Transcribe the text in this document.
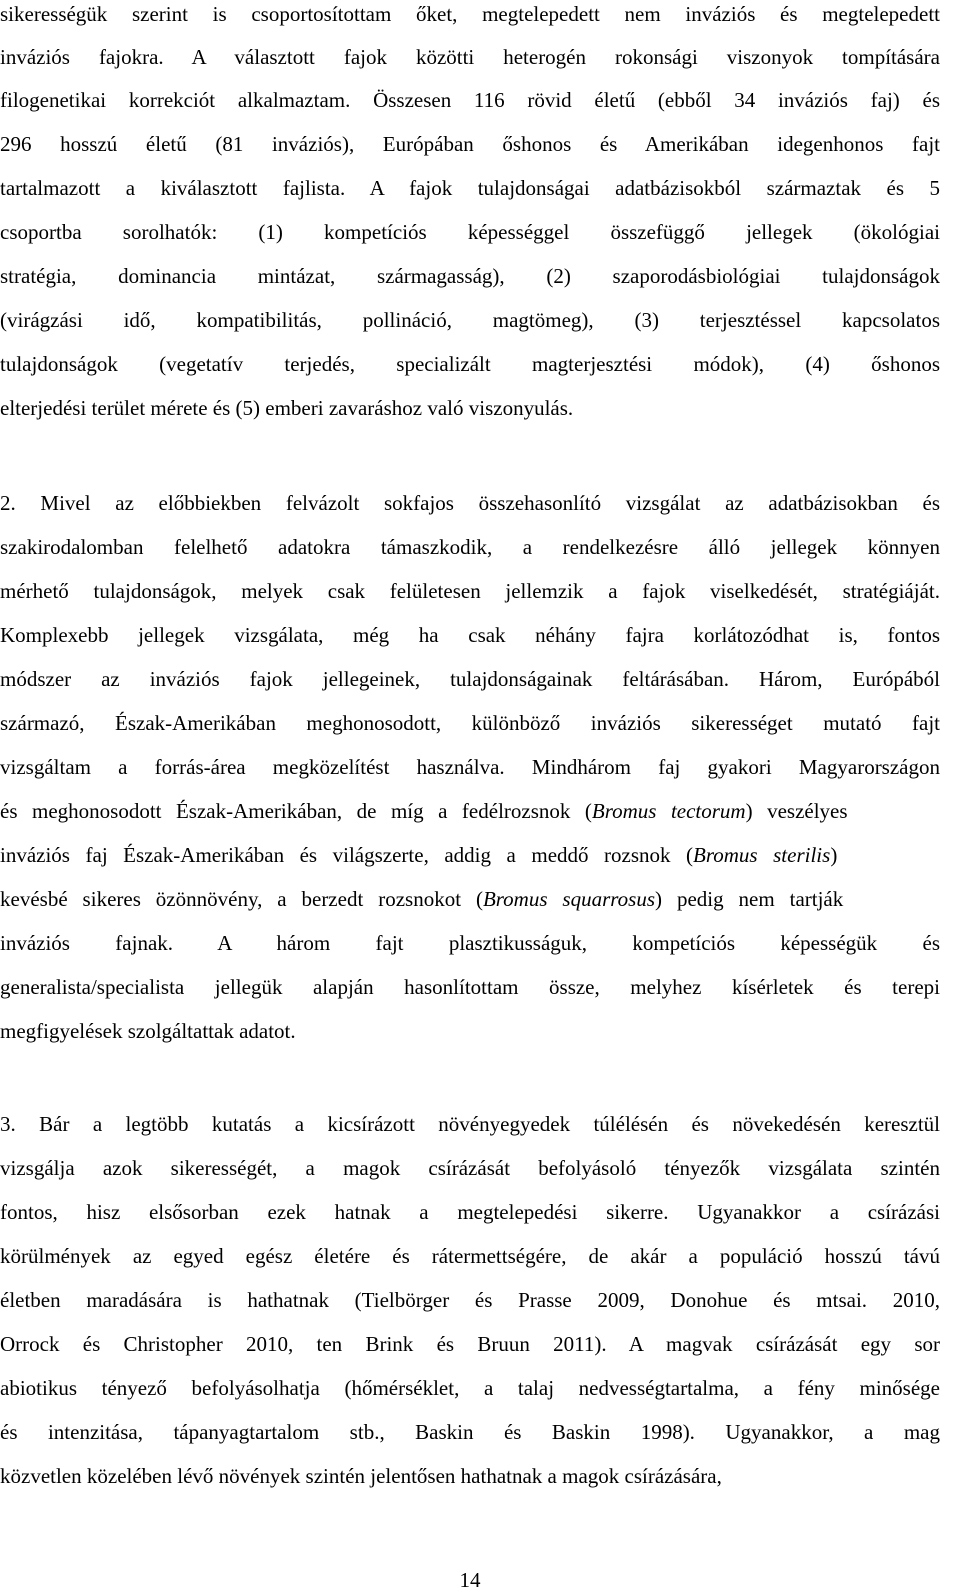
sikerességük szerint is csoportosítottam őket, megtelepedett nem inváziós és megtelepedett
inváziós fajokra. A választott fajok közötti heterogén rokonsági viszonyok tompítására
filogenetikai korrekciót alkalmaztam. Összesen 116 rövid életű (ebből 34 inváziós faj) és
296 hosszú életű (81 inváziós), Európában őshonos és Amerikában idegenhonos fajt
tartalmazott a kiválasztott fajlista. A fajok tulajdonságai adatbázisokból származtak és 5
csoportba sorolhatók: (1) kompetíciós képességgel összefüggő jellegek (ökológiai
stratégia, dominancia mintázat, szármagasság), (2) szaporodásbiológiai tulajdonságok
(virágzási idő, kompatibilitás, pollináció, magtömeg), (3) terjesztéssel kapcsolatos
tulajdonságok (vegetatív terjedés, specializált magterjesztési módok), (4) őshonos
elterjedési terület mérete és (5) emberi zavaráshoz való viszonyulás.
2. Mivel az előbbiekben felvázolt sokfajos összehasonlító vizsgálat az adatbázisokban és
szakirodalomban felelhető adatokra támaszkodik, a rendelkezésre álló jellegek könnyen
mérhető tulajdonságok, melyek csak felületesen jellemzik a fajok viselkedését, stratégiáját.
Komplexebb jellegek vizsgálata, még ha csak néhány fajra korlátozódhat is, fontos
módszer az inváziós fajok jellegeinek, tulajdonságainak feltárásában. Három, Európából
származó, Észak-Amerikában meghonosodott, különböző inváziós sikerességet mutató fajt
vizsgáltam a forrás-área megközelítést használva. Mindhárom faj gyakori Magyarországon
és meghonosodott Észak-Amerikában, de míg a fedélrozsnok (Bromus tectorum) veszélyes
inváziós faj Észak-Amerikában és világszerte, addig a meddő rozsnok (Bromus sterilis)
kevésbé sikeres özönnövény, a berzedt rozsnokot (Bromus squarrosus) pedig nem tartják
inváziós fajnak. A három fajt plasztikusságuk, kompetíciós képességük és
generalista/specialista jellegük alapján hasonlítottam össze, melyhez kísérletek és terepi
megfigyelések szolgáltattak adatot.
3. Bár a legtöbb kutatás a kicsírázott növényegyedek túlélésén és növekedésén keresztül
vizsgálja azok sikerességét, a magok csírázását befolyásoló tényezők vizsgálata szintén
fontos, hisz elsősorban ezek hatnak a megtelepedési sikerre. Ugyanakkor a csírázási
körülmények az egyed egész életére és rátermettségére, de akár a populáció hosszú távú
életben maradására is hathatnak (Tielbörger és Prasse 2009, Donohue és mtsai. 2010,
Orrock és Christopher 2010, ten Brink és Bruun 2011). A magvak csírázását egy sor
abiotikus tényező befolyásolhatja (hőmérséklet, a talaj nedvességtartalma, a fény minősége
és intenzitása, tápanyagtartalom stb., Baskin és Baskin 1998). Ugyanakkor, a mag
közvetlen közelében lévő növények szintén jelentősen hathatnak a magok csírázására,
14
